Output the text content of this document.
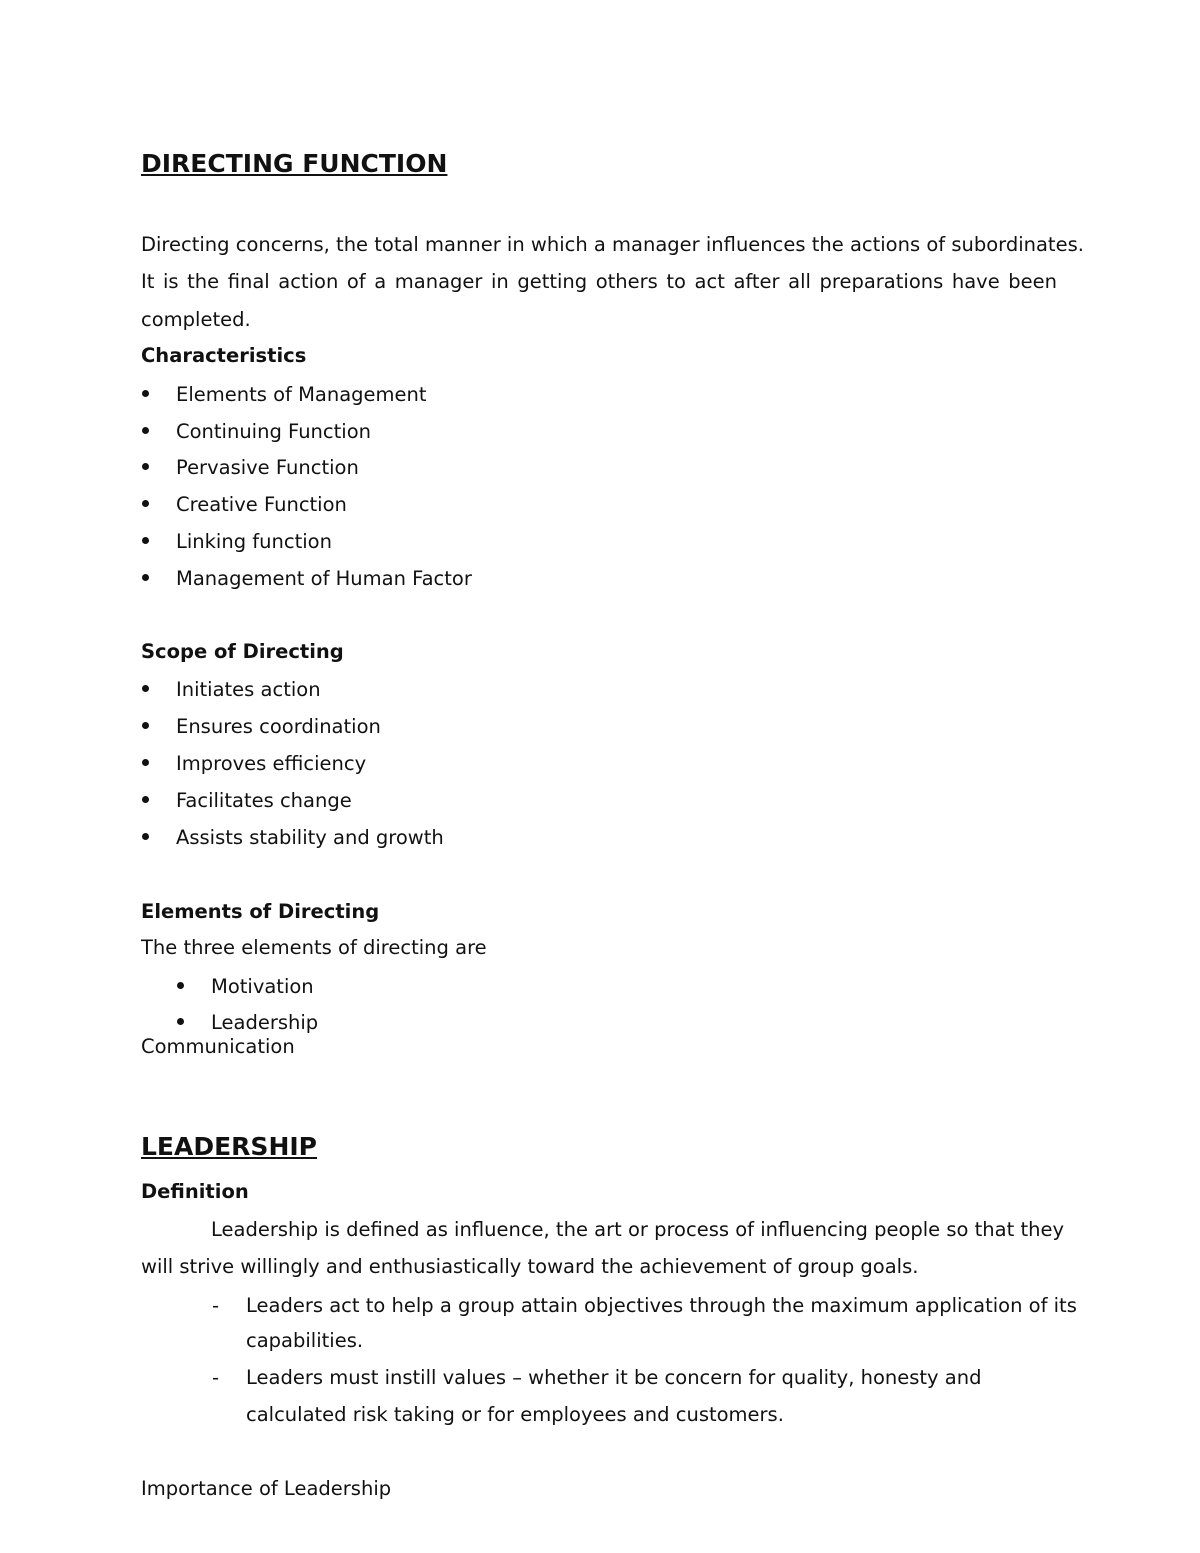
DIRECTING FUNCTION
Directing concerns, the total manner in which a manager influences the actions of subordinates.
It is the final action of a manager in getting others to act after all preparations have been
completed.
Characteristics
Elements of Management
Continuing Function
Pervasive Function
Creative Function
Linking function
Management of Human Factor
Scope of Directing
Initiates action
Ensures coordination
Improves efficiency
Facilitates change
Assists stability and growth
Elements of Directing
The three elements of directing are
Motivation
Leadership
Communication
LEADERSHIP
Definition
Leadership is defined as influence, the art or process of influencing people so that they
will strive willingly and enthusiastically toward the achievement of group goals.
- Leaders act to help a group attain objectives through the maximum application of its
capabilities.
- Leaders must instill values – whether it be concern for quality, honesty and
calculated risk taking or for employees and customers.
Importance of Leadership
